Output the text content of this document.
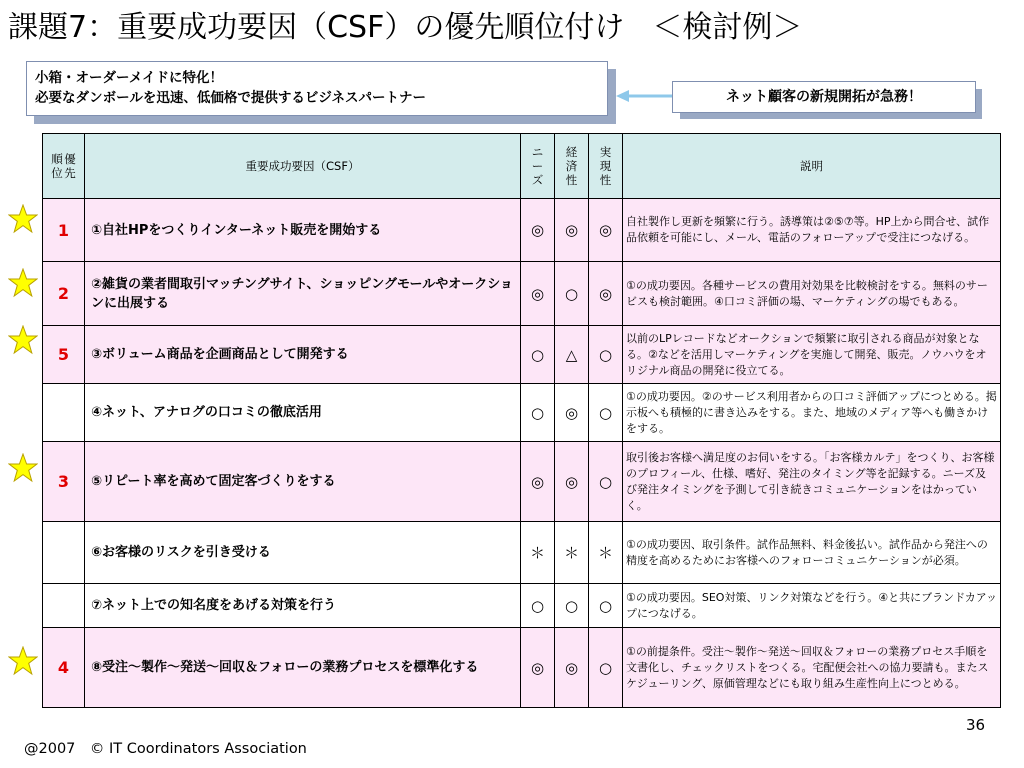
課題7：重要成功要因（CSF）の優先順位付け ＜検討例＞
小箱・オーダーメイドに特化！
必要なダンボールを迅速、低価格で提供するビジネスパートナー	ネット顧客の新規開拓が急務！
順位優先	重要成功要因（CSF）	ニーズ	経済性	実現性	説明
1	①自社HPをつくりインターネット販売を開始する	◎	◎	◎	自社製作し更新を頻繁に行う。誘導策は②⑤⑦等。HP上から問合せ、試作品依頼を可能にし、メール、電話のフォローアップで受注につなげる。
2	②雑貨の業者間取引マッチングサイト、ショッピングモールやオークションに出展する	◎	○	◎	①の成功要因。各種サービスの費用対効果を比較検討をする。無料のサービスも検討範囲。④口コミ評価の場、マーケティングの場でもある。
5	③ボリューム商品を企画商品として開発する	○	△	○	以前のLPレコードなどオークションで頻繁に取引される商品が対象となる。②などを活用しマーケティングを実施して開発、販売。ノウハウをオリジナル商品の開発に役立てる。
	④ネット、アナログの口コミの徹底活用	○	◎	○	①の成功要因。②のサービス利用者からの口コミ評価アップにつとめる。掲示板へも積極的に書き込みをする。また、地域のメディア等へも働きかけをする。
3	⑤リピート率を高めて固定客づくりをする	◎	◎	○	取引後お客様へ満足度のお伺いをする。「お客様カルテ」をつくり、お客様のプロフィール、仕様、嗜好、発注のタイミング等を記録する。ニーズ及び発注タイミングを予測して引き続きコミュニケーションをはかっていく。
	⑥お客様のリスクを引き受ける	＊	＊	＊	①の成功要因、取引条件。試作品無料、料金後払い。試作品から発注への精度を高めるためにお客様へのフォローコミュニケーションが必須。
	⑦ネット上での知名度をあげる対策を行う	○	○	○	①の成功要因。SEO対策、リンク対策などを行う。④と共にブランドカアップにつなげる。
4	⑧受注～製作～発送～回収＆フォローの業務プロセスを標準化する	◎	◎	○	①の前提条件。受注～製作～発送～回収＆フォローの業務プロセス手順を文書化し、チェックリストをつくる。宅配便会社への協力要請も。またスケジューリング、原価管理などにも取り組み生産性向上につとめる。
36
@2007　© IT Coordinators Association
